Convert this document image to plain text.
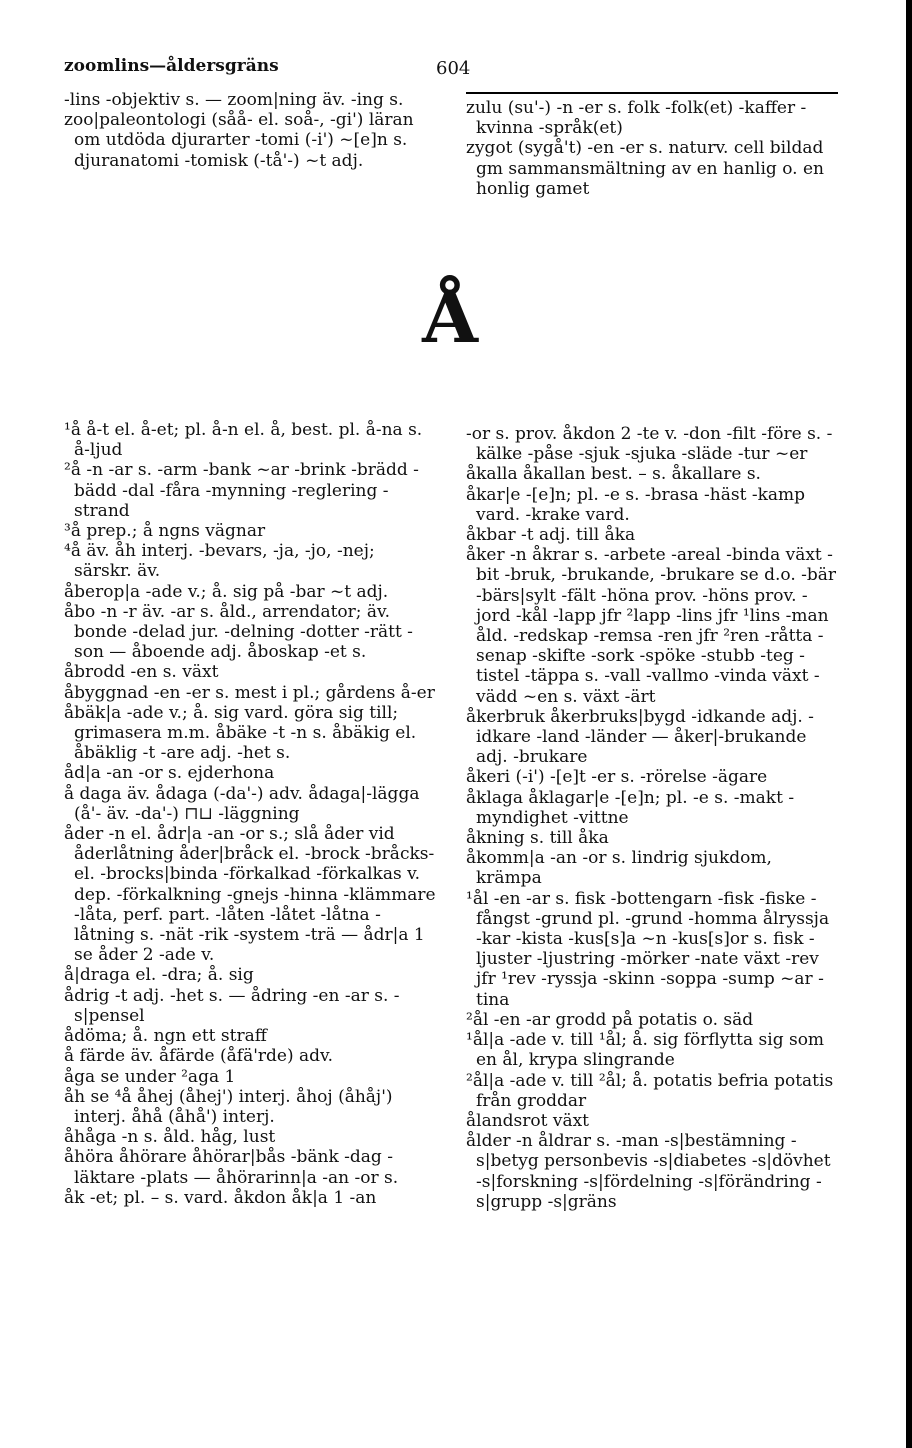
zoomlins—åldersgräns	604

-lins -objektiv s. — zoom|ning äv. -ing s.

zoo|paleontologi (såå- el. soå-, -gi') läran om utdöda djurarter -tomi (-i') ~[e]n s. djuranatomi -tomisk (-tå'-) ~t adj.

zulu (su'-) -n -er s. folk -folk(et) -kaffer -kvinna -språk(et)

zygot (sygå't) -en -er s. naturv. cell bildad gm sammansmältning av en hanlig o. en honlig gamet

Å

¹å å-t el. å-et; pl. å-n el. å, best. pl. å-na s. å-ljud

²å -n -ar s. -arm -bank ~ar -brink -brädd -bädd -dal -fåra -mynning -reglering -strand

³å prep.; å ngns vägnar

⁴å äv. åh interj. -bevars, -ja, -jo, -nej; särskr. äv.

åberop|a -ade v.; å. sig på -bar ~t adj.

åbo -n -r äv. -ar s. åld., arrendator; äv. bonde -delad jur. -delning -dotter -rätt -son — åboende adj. åboskap -et s.

åbrodd -en s. växt

åbyggnad -en -er s. mest i pl.; gårdens å-er

åbäk|a -ade v.; å. sig vard. göra sig till; grimasera m.m. åbäke -t -n s. åbäkig el. åbäklig -t -are adj. -het s.

åd|a -an -or s. ejderhona

å daga äv. ådaga (-da'-) adv. ådaga|-lägga (å'- äv. -da'-) ⊓⊔ -läggning

åder -n el. ådr|a -an -or s.; slå åder vid åderlåtning åder|bråck el. -brock -bråcks- el. -brocks|binda -förkalkad -förkalkas v. dep. -förkalkning -gnejs -hinna -klämmare -låta, perf. part. -låten -låtet -låtna -låtning s. -nät -rik -system -trä — ådr|a 1 se åder 2 -ade v.

å|draga el. -dra; å. sig

ådrig -t adj. -het s. — ådring -en -ar s. -s|pensel

ådöma; å. ngn ett straff

å färde äv. åfärde (åfä'rde) adv.

åga se under ²aga 1

åh se ⁴å åhej (åhej') interj. åhoj (åhåj') interj. åhå (åhå') interj.

åhåga -n s. åld. håg, lust

åhöra åhörare åhörar|bås -bänk -dag -läktare -plats — åhörarinn|a -an -or s.

åk -et; pl. – s. vard. åkdon åk|a 1 -an

-or s. prov. åkdon 2 -te v. -don -filt -före s. -kälke -påse -sjuk -sjuka -släde -tur ~er

åkalla åkallan best. – s. åkallare s.

åkar|e -[e]n; pl. -e s. -brasa -häst -kamp vard. -krake vard.

åkbar -t adj. till åka

åker -n åkrar s. -arbete -areal -binda växt -bit -bruk, -brukande, -brukare se d.o. -bär -bärs|sylt -fält -höna prov. -höns prov. -jord -kål -lapp jfr ²lapp -lins jfr ¹lins -man åld. -redskap -remsa -ren jfr ²ren -råtta -senap -skifte -sork -spöke -stubb -teg -tistel -täppa s. -vall -vallmo -vinda växt -vädd ~en s. växt -ärt

åkerbruk åkerbruks|bygd -idkande adj. -idkare -land -länder — åker|-brukande adj. -brukare

åkeri (-i') -[e]t -er s. -rörelse -ägare

åklaga åklagar|e -[e]n; pl. -e s. -makt -myndighet -vittne

åkning s. till åka

åkomm|a -an -or s. lindrig sjukdom, krämpa

¹ål -en -ar s. fisk -bottengarn -fisk -fiske -fångst -grund pl. -grund -homma ålryssja -kar -kista -kus[s]a ~n -kus[s]or s. fisk -ljuster -ljustring -mörker -nate växt -rev jfr ¹rev -ryssja -skinn -soppa -sump ~ar -tina

²ål -en -ar grodd på potatis o. säd

¹ål|a -ade v. till ¹ål; å. sig förflytta sig som en ål, krypa slingrande

²ål|a -ade v. till ²ål; å. potatis befria potatis från groddar

ålandsrot växt

ålder -n åldrar s. -man -s|bestämning -s|betyg personbevis -s|diabetes -s|dövhet -s|forskning -s|fördelning -s|förändring -s|grupp -s|gräns
